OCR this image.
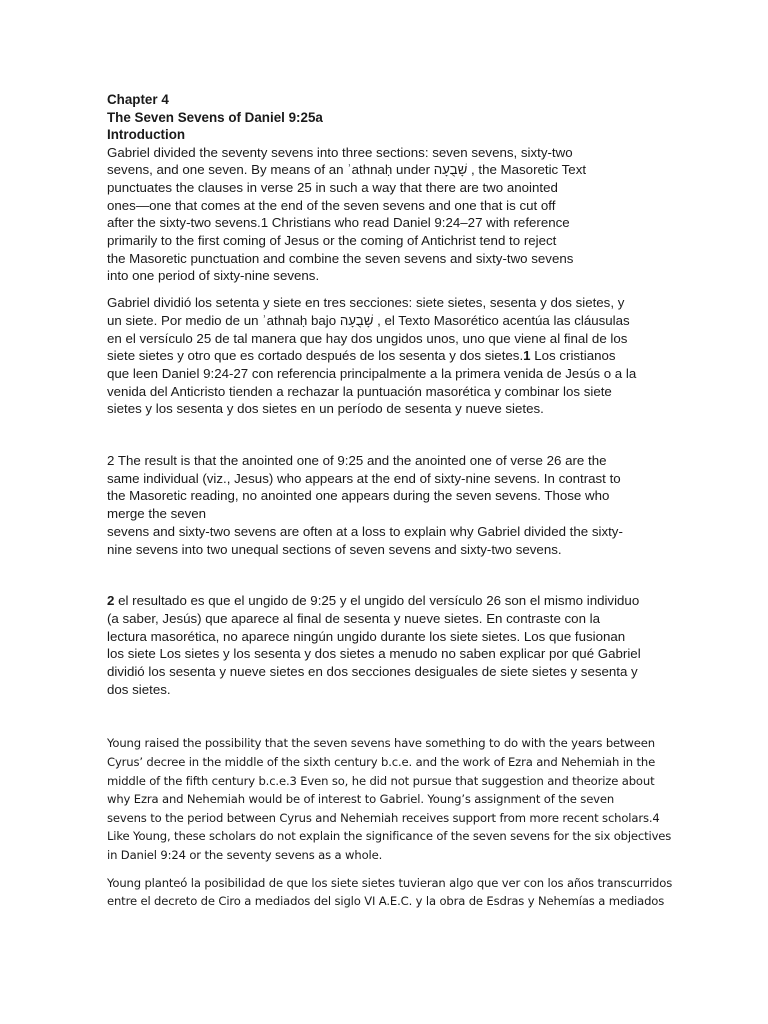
Chapter 4

The Seven Sevens of Daniel 9:25a

Introduction

Gabriel divided the seventy sevens into three sections: seven sevens, sixty-two
sevens, and one seven. By means of an ʾathnaḥ under שָׁבֻעָה , the Masoretic Text
punctuates the clauses in verse 25 in such a way that there are two anointed
ones—one that comes at the end of the seven sevens and one that is cut off
after the sixty-two sevens.1 Christians who read Daniel 9:24–27 with reference
primarily to the first coming of Jesus or the coming of Antichrist tend to reject
the Masoretic punctuation and combine the seven sevens and sixty-two sevens
into one period of sixty-nine sevens.
Gabriel dividió los setenta y siete en tres secciones: siete sietes, sesenta y dos sietes, y
un siete. Por medio de un ʾathnaḥ bajo שָׁבֻעָה , el Texto Masorético acentúa las cláusulas
en el versículo 25 de tal manera que hay dos ungidos unos, uno que viene al final de los
siete sietes y otro que es cortado después de los sesenta y dos sietes.1 Los cristianos
que leen Daniel 9:24-27 con referencia principalmente a la primera venida de Jesús o a la
venida del Anticristo tienden a rechazar la puntuación masorética y combinar los siete
sietes y los sesenta y dos sietes en un período de sesenta y nueve sietes.
2 The result is that the anointed one of 9:25 and the anointed one of verse 26 are the
same individual (viz., Jesus) who appears at the end of sixty-nine sevens. In contrast to
the Masoretic reading, no anointed one appears during the seven sevens. Those who
merge the seven
sevens and sixty-two sevens are often at a loss to explain why Gabriel divided the sixty-
nine sevens into two unequal sections of seven sevens and sixty-two sevens.
2 el resultado es que el ungido de 9:25 y el ungido del versículo 26 son el mismo individuo
(a saber, Jesús) que aparece al final de sesenta y nueve sietes. En contraste con la
lectura masorética, no aparece ningún ungido durante los siete sietes. Los que fusionan
los siete Los sietes y los sesenta y dos sietes a menudo no saben explicar por qué Gabriel
dividió los sesenta y nueve sietes en dos secciones desiguales de siete sietes y sesenta y
dos sietes.
Young raised the possibility that the seven sevens have something to do with the years between
Cyrus’ decree in the middle of the sixth century b.c.e. and the work of Ezra and Nehemiah in the
middle of the fifth century b.c.e.3 Even so, he did not pursue that suggestion and theorize about
why Ezra and Nehemiah would be of interest to Gabriel. Young’s assignment of the seven
sevens to the period between Cyrus and Nehemiah receives support from more recent scholars.4
Like Young, these scholars do not explain the significance of the seven sevens for the six objectives
in Daniel 9:24 or the seventy sevens as a whole.
Young planteó la posibilidad de que los siete sietes tuvieran algo que ver con los años transcurridos
entre el decreto de Ciro a mediados del siglo VI A.E.C. y la obra de Esdras y Nehemías a mediados
